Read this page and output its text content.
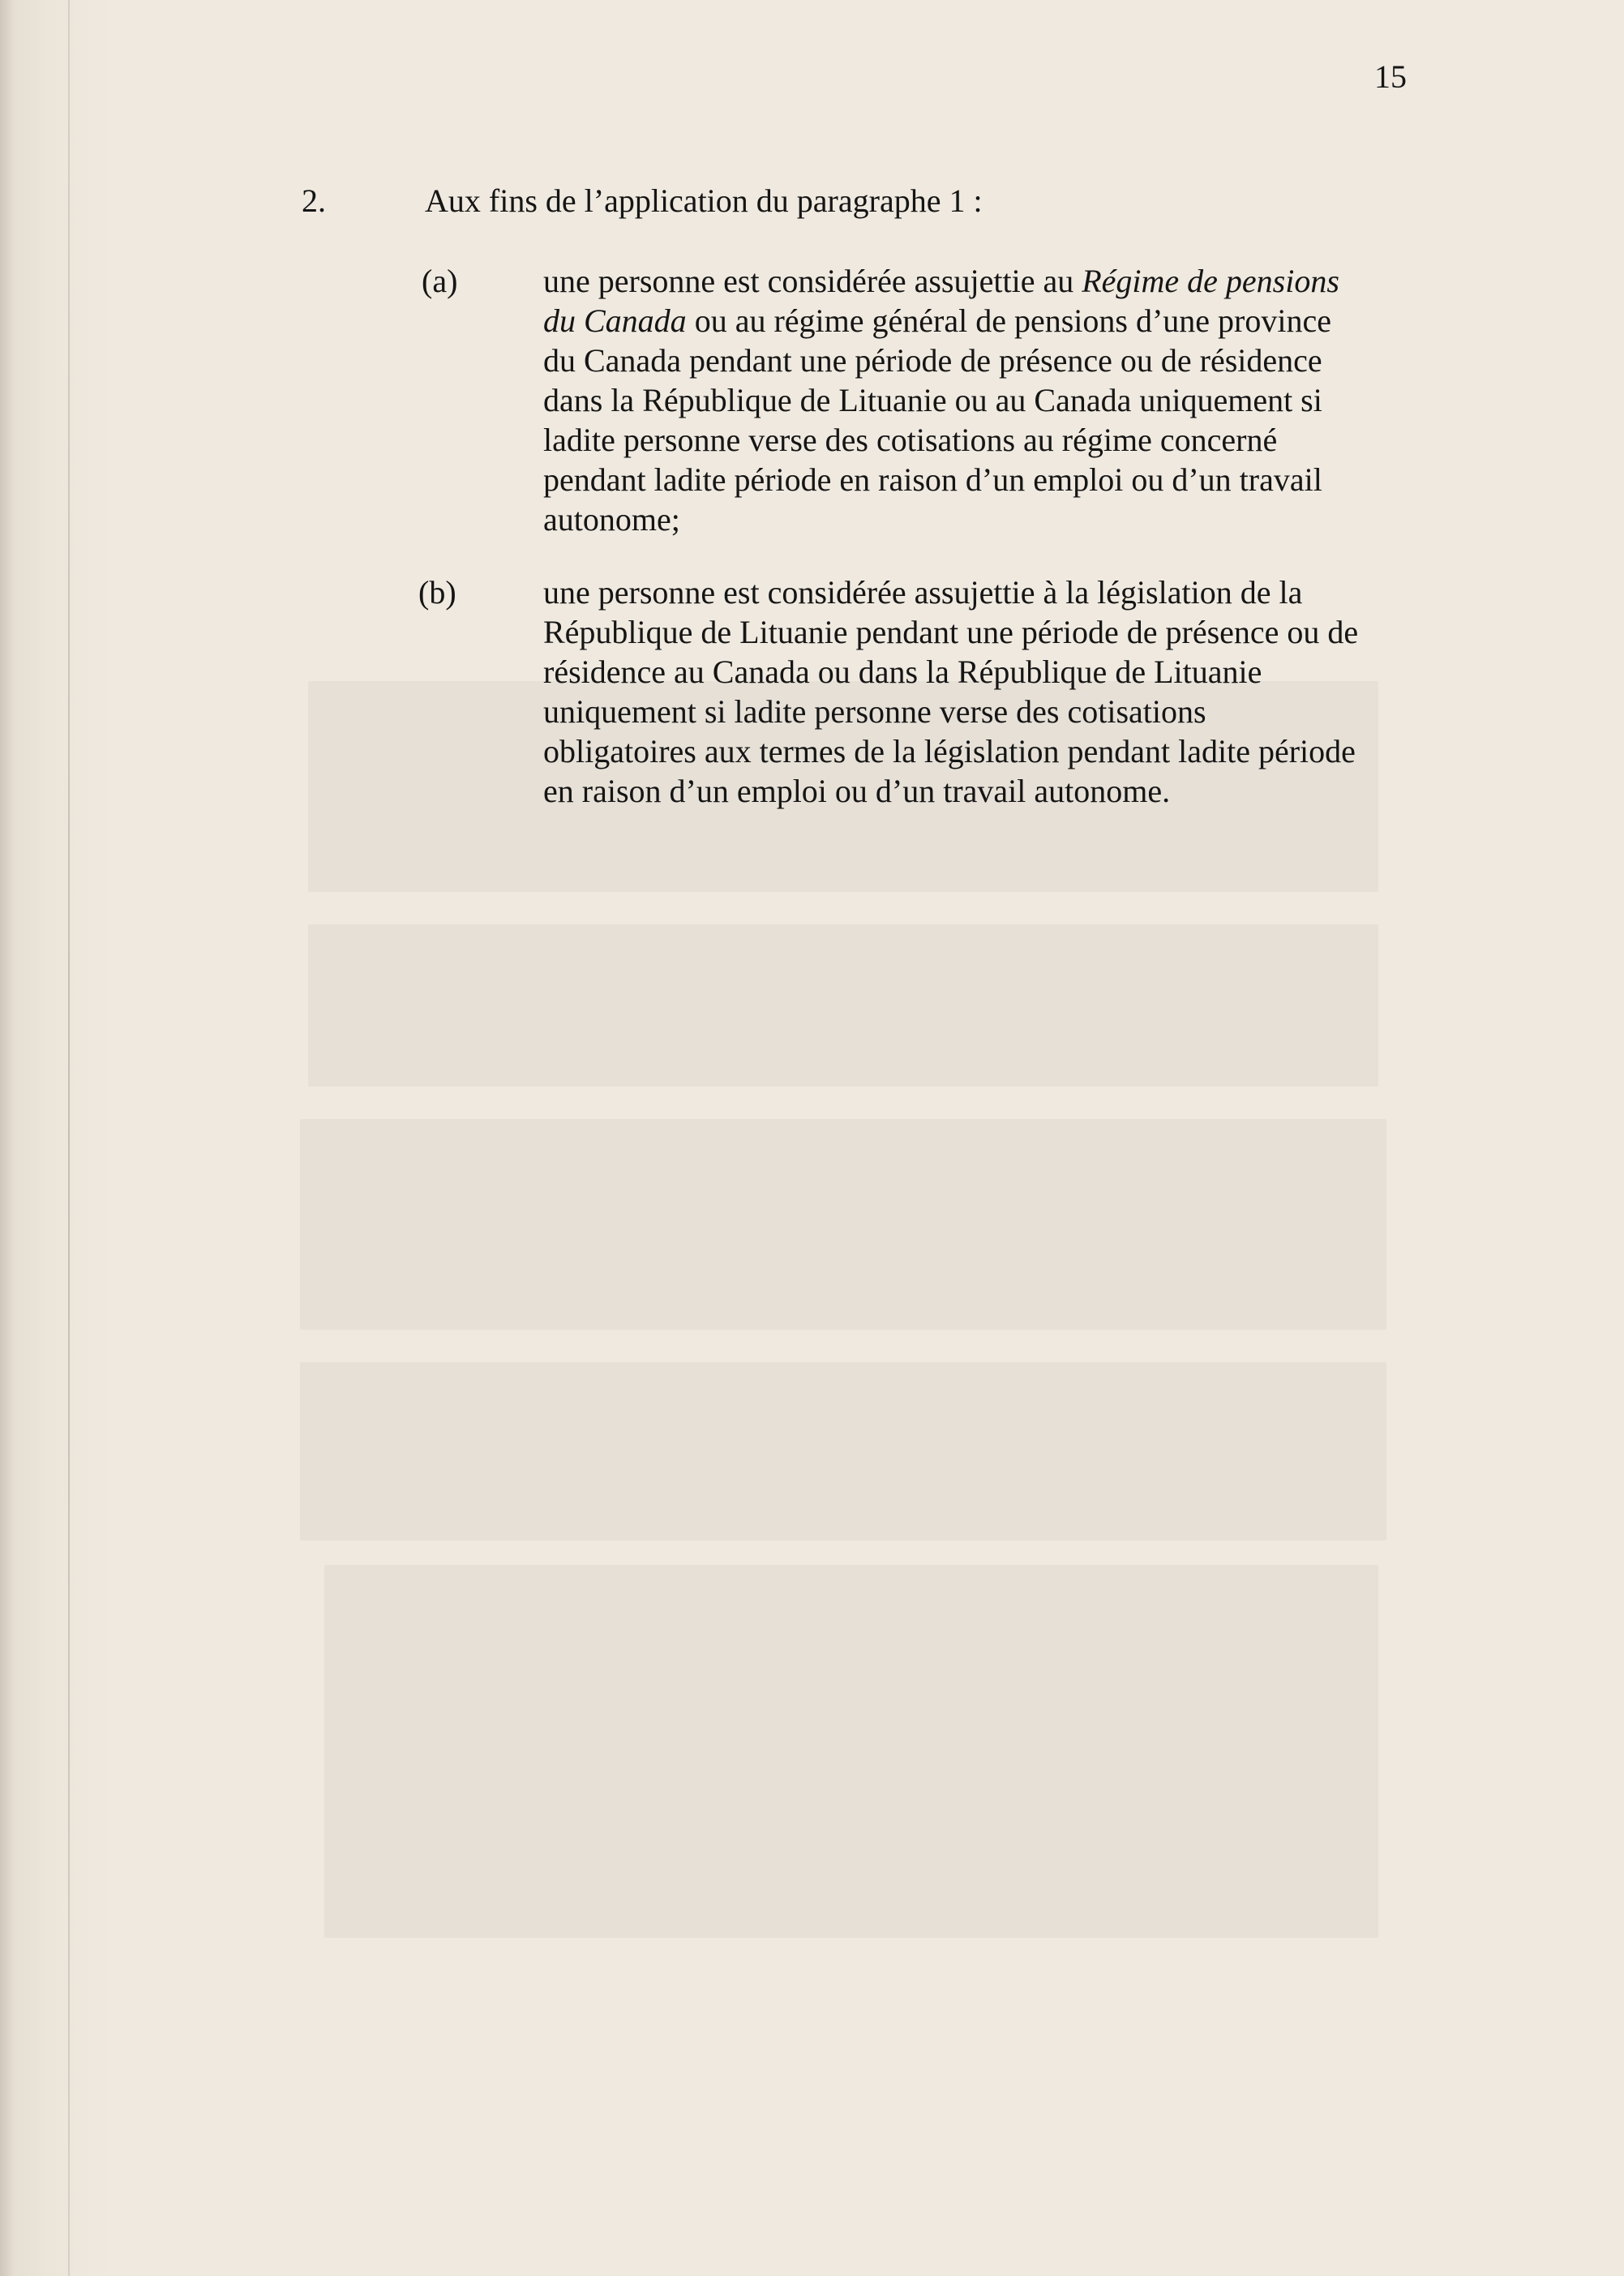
15
2.	Aux fins de l’application du paragraphe 1 :
(a)	une personne est considérée assujettie au Régime de pensions
du Canada ou au régime général de pensions d’une province
du Canada pendant une période de présence ou de résidence
dans la République de Lituanie ou au Canada uniquement si
ladite personne verse des cotisations au régime concerné
pendant ladite période en raison d’un emploi ou d’un travail
autonome;
(b)	une personne est considérée assujettie à la législation de la
République de Lituanie pendant une période de présence ou de
résidence au Canada ou dans la République de Lituanie
uniquement si ladite personne verse des cotisations
obligatoires aux termes de la législation pendant ladite période
en raison d’un emploi ou d’un travail autonome.
